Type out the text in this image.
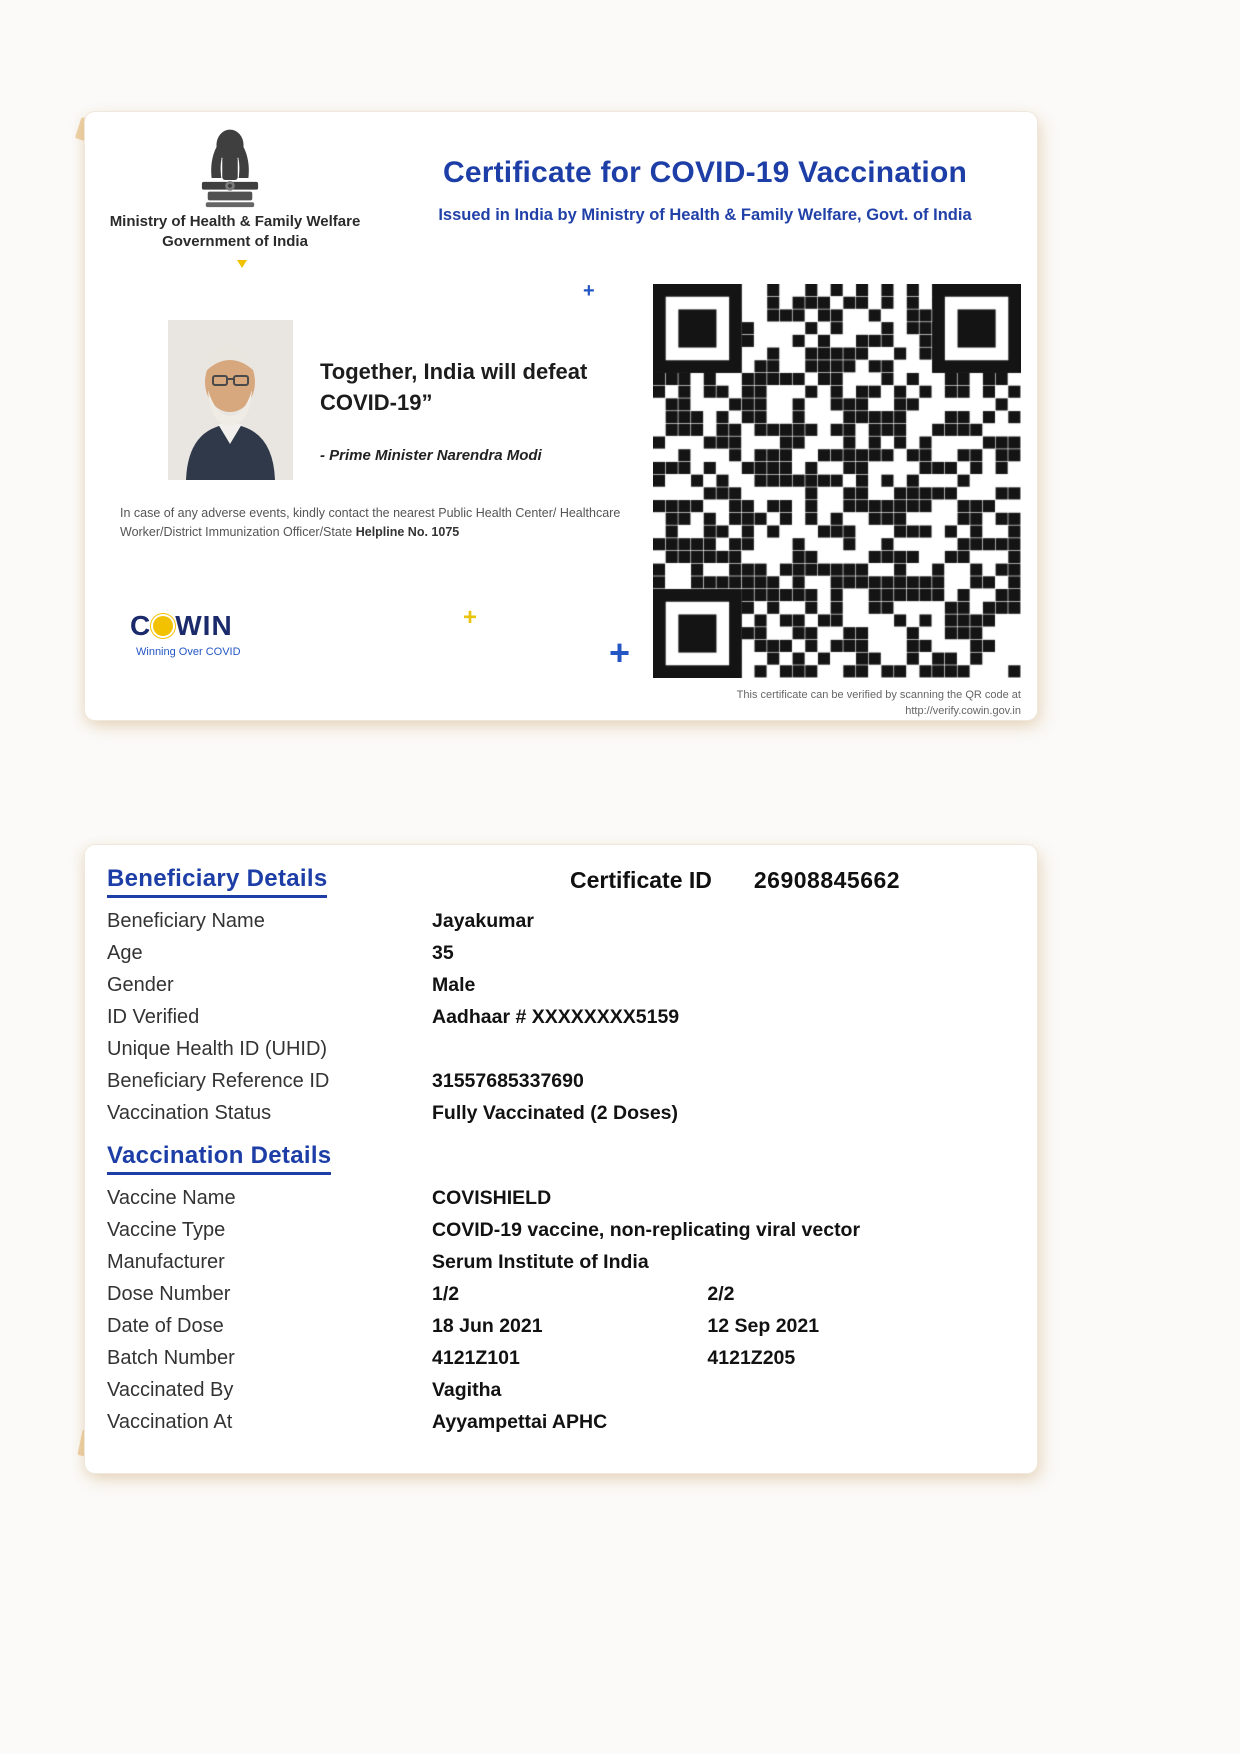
Ministry of Health & Family Welfare
Government of India
Certificate for COVID-19 Vaccination
Issued in India by Ministry of Health & Family Welfare, Govt. of India
+
Together, India will defeat
COVID-19”
- Prime Minister Narendra Modi
In case of any adverse events, kindly contact the nearest Public Health Center/ Healthcare Worker/District Immunization Officer/State Helpline No. 1075
+
+
C WIN
Winning Over COVID
This certificate can be verified by scanning the QR code at
http://verify.cowin.gov.in
Beneficiary Details	Certificate ID 26908845662
Beneficiary Name	Jayakumar
Age	35
Gender	Male
ID Verified	Aadhaar # XXXXXXXX5159
Unique Health ID (UHID)
Beneficiary Reference ID	31557685337690
Vaccination Status	Fully Vaccinated (2 Doses)
Vaccination Details
Vaccine Name	COVISHIELD
Vaccine Type	COVID-19 vaccine, non-replicating viral vector
Manufacturer	Serum Institute of India
Dose Number	1/2	2/2
Date of Dose	18 Jun 2021	12 Sep 2021
Batch Number	4121Z101	4121Z205
Vaccinated By	Vagitha
Vaccination At	Ayyampettai APHC
